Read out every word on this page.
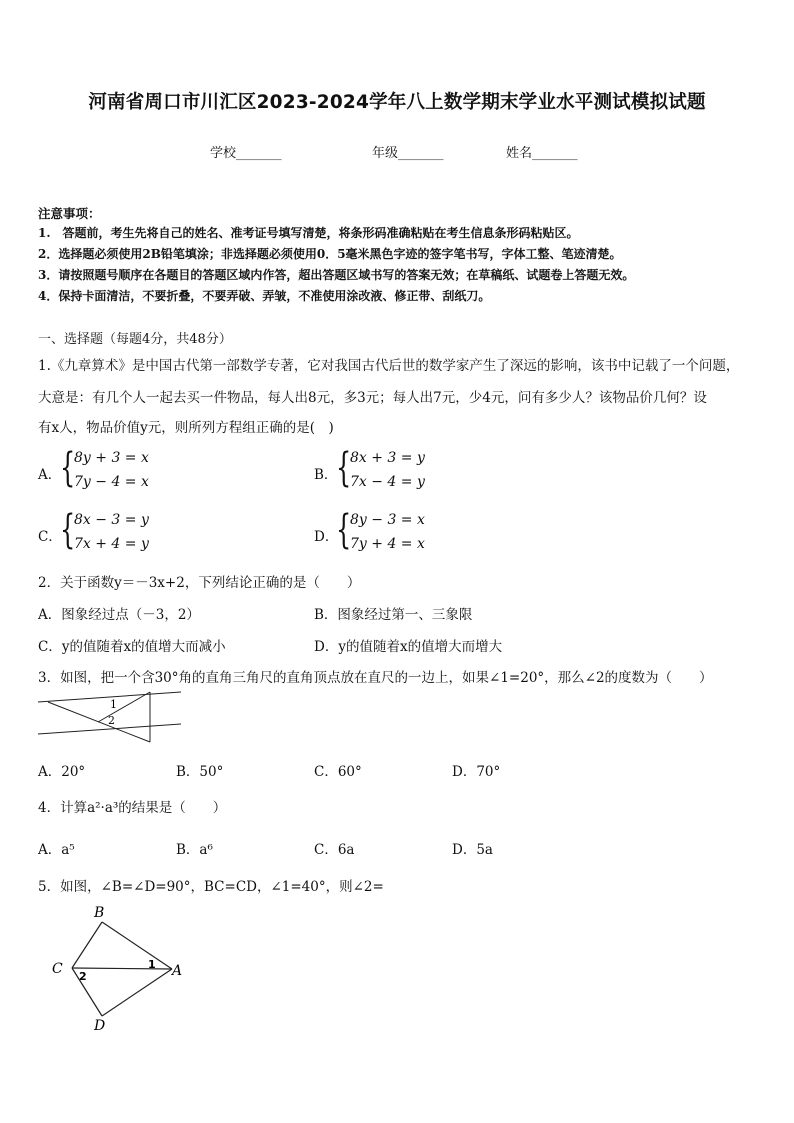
河南省周口市川汇区2023-2024学年八上数学期末学业水平测试模拟试题
学校_______	年级_______	姓名_______
注意事项：
1.　答题前，考生先将自己的姓名、准考证号填写清楚，将条形码准确粘贴在考生信息条形码粘贴区。
2．选择题必须使用2B铅笔填涂；非选择题必须使用0．5毫米黑色字迹的签字笔书写，字体工整、笔迹清楚。
3．请按照题号顺序在各题目的答题区域内作答，超出答题区域书写的答案无效；在草稿纸、试题卷上答题无效。
4．保持卡面清洁，不要折叠，不要弄破、弄皱，不准使用涂改液、修正带、刮纸刀。
一、选择题（每题4分，共48分）
1.《九章算术》是中国古代第一部数学专著，它对我国古代后世的数学家产生了深远的影响，该书中记载了一个问题，
大意是：有几个人一起去买一件物品，每人出8元，多3元；每人出7元，少4元，问有多少人？该物品价几何？设
有x人，物品价值y元，则所列方程组正确的是(　)
A．
{
8y + 3 = x
7y − 4 = x	B．
{
8x + 3 = y
7x − 4 = y
C．
{
8x − 3 = y
7x + 4 = y	D．
{
8y − 3 = x
7y + 4 = x
2．关于函数y＝－3x+2，下列结论正确的是（　　）
A．图象经过点（－3，2）	B．图象经过第一、三象限
C．y的值随着x的值增大而减小	D．y的值随着x的值增大而增大
3．如图，把一个含30°角的直角三角尺的直角顶点放在直尺的一边上，如果∠1=20°，那么∠2的度数为（　　）
1
2
A．20°	B．50°	C．60°	D．70°
4．计算a²·a³的结果是（　　）
A．a⁵	B．a⁶	C．6a	D．5a
5．如图，∠B=∠D=90°，BC=CD，∠1=40°，则∠2=
B
C	A
D
1
2
